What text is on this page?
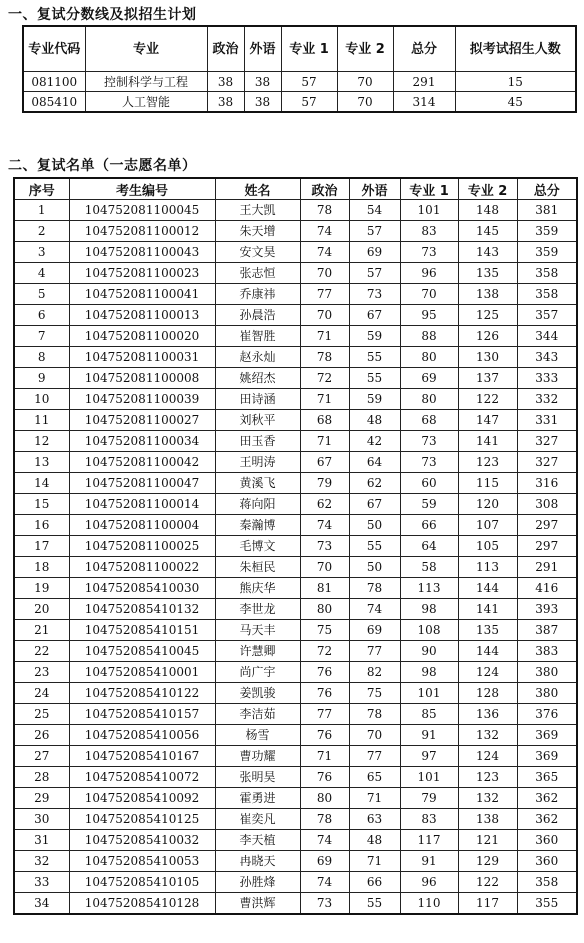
一、复试分数线及拟招生计划
专业代码	专业	政治	外语	专业 1	专业 2	总分	拟考试招生人数
081100	控制科学与工程	38	38	57	70	291	15
085410	人工智能	38	38	57	70	314	45
二、复试名单（一志愿名单）
序号	考生编号	姓名	政治	外语	专业 1	专业 2	总分
1	104752081100045	王大凯	78	54	101	148	381
2	104752081100012	朱天增	74	57	83	145	359
3	104752081100043	安文昊	74	69	73	143	359
4	104752081100023	张志恒	70	57	96	135	358
5	104752081100041	乔康祎	77	73	70	138	358
6	104752081100013	孙晨浩	70	67	95	125	357
7	104752081100020	崔智胜	71	59	88	126	344
8	104752081100031	赵永灿	78	55	80	130	343
9	104752081100008	姚绍杰	72	55	69	137	333
10	104752081100039	田诗涵	71	59	80	122	332
11	104752081100027	刘秋平	68	48	68	147	331
12	104752081100034	田玉香	71	42	73	141	327
13	104752081100042	王明涛	67	64	73	123	327
14	104752081100047	黄溪飞	79	62	60	115	316
15	104752081100014	蒋向阳	62	67	59	120	308
16	104752081100004	秦瀚博	74	50	66	107	297
17	104752081100025	毛博文	73	55	64	105	297
18	104752081100022	朱桓民	70	50	58	113	291
19	104752085410030	熊庆华	81	78	113	144	416
20	104752085410132	李世龙	80	74	98	141	393
21	104752085410151	马天丰	75	69	108	135	387
22	104752085410045	许慧卿	72	77	90	144	383
23	104752085410001	尚广宇	76	82	98	124	380
24	104752085410122	姜凯骏	76	75	101	128	380
25	104752085410157	李洁茹	77	78	85	136	376
26	104752085410056	杨雪	76	70	91	132	369
27	104752085410167	曹功耀	71	77	97	124	369
28	104752085410072	张明昊	76	65	101	123	365
29	104752085410092	霍勇进	80	71	79	132	362
30	104752085410125	崔奕凡	78	63	83	138	362
31	104752085410032	李天植	74	48	117	121	360
32	104752085410053	冉晓天	69	71	91	129	360
33	104752085410105	孙胜烽	74	66	96	122	358
34	104752085410128	曹洪辉	73	55	110	117	355
